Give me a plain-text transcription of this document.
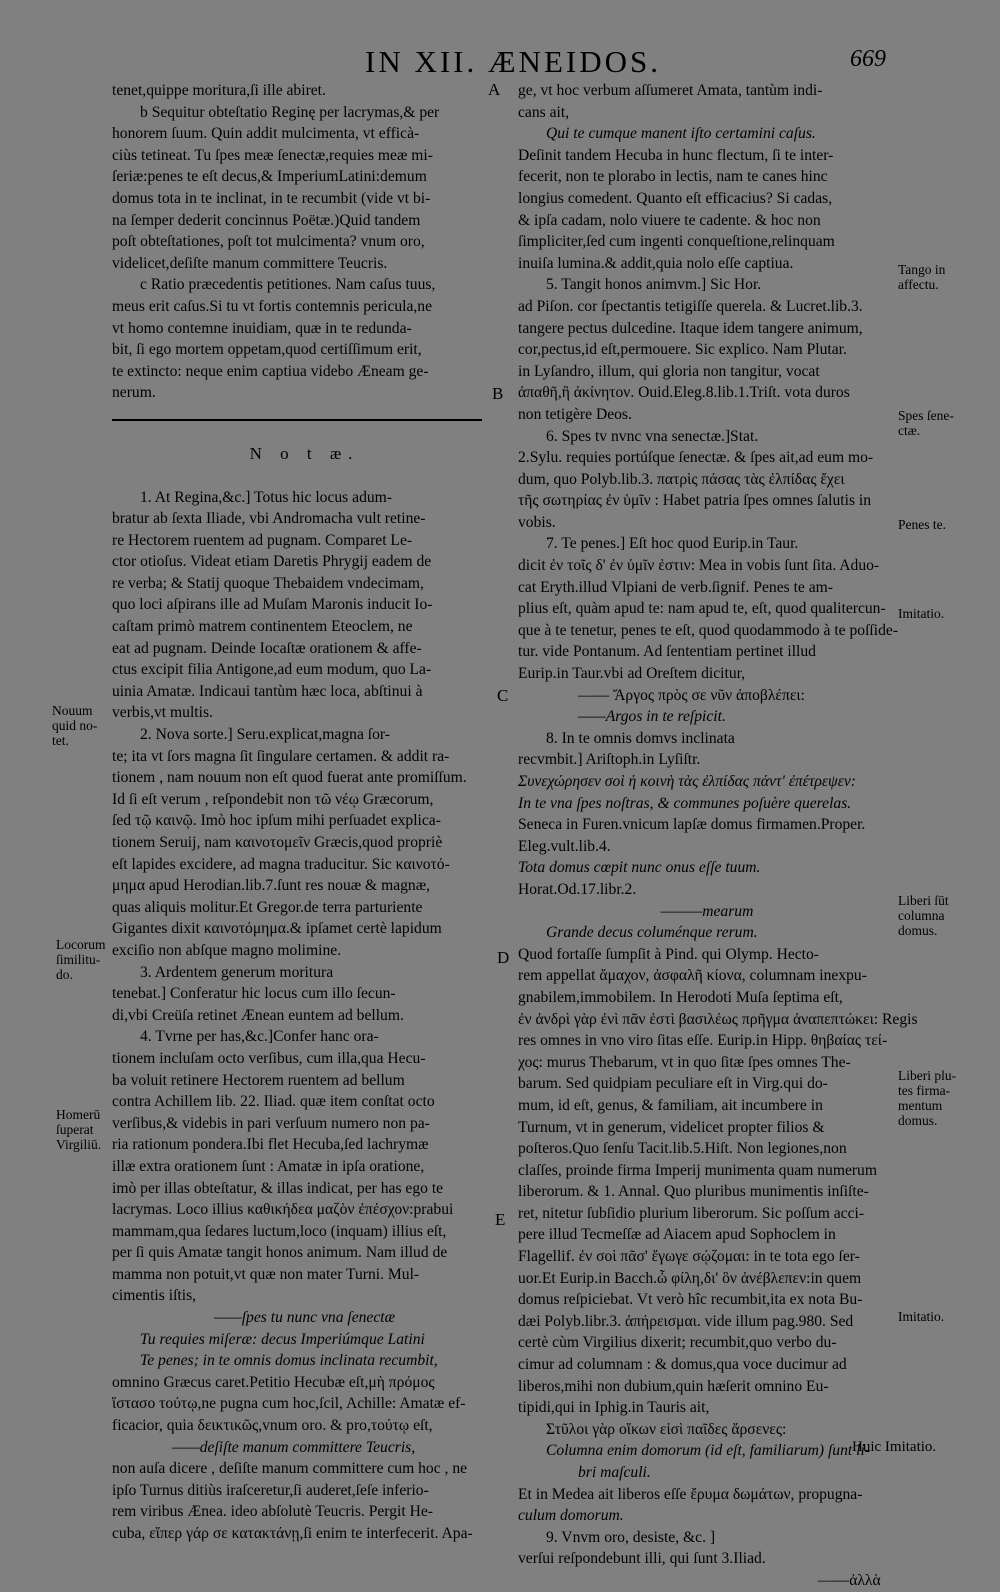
IN XII. ÆNEIDOS.	669

tenet,quippe moritura,ſi ille abiret.

b Sequitur obteſtatio Reginę per lacrymas,& per

honorem ſuum. Quin addit mulcimenta, vt efficà-

ciùs tetineat. Tu ſpes meæ ſenectæ,requies meæ mi-

ſeriæ:penes te eſt decus,& ImperiumLatini:demum

domus tota in te inclinat, in te recumbit (vide vt bi-

na ſemper dederit concinnus Poëtæ.)Quid tandem

poſt obteſtationes, poſt tot mulcimenta? vnum oro,

videlicet,deſiſte manum committere Teucris.

c Ratio præcedentis petitiones. Nam caſus tuus,

meus erit caſus.Si tu vt fortis contemnis pericula,ne

vt homo contemne inuidiam, quæ in te redunda-

bit, ſi ego mortem oppetam,quod certiſſimum erit,

te extincto: neque enim captiua videbo Æneam ge-

nerum.

N o t æ.

1. At Regina,&c.] Totus hic locus adum-

bratur ab ſexta Iliade, vbi Andromacha vult retine-

re Hectorem ruentem ad pugnam. Comparet Le-

ctor otioſus. Videat etiam Daretis Phrygij eadem de

re verba; & Statij quoque Thebaidem vndecimam,

quo loci aſpirans ille ad Muſam Maronis inducit Io-

caſtam primò matrem continentem Eteoclem, ne

eat ad pugnam. Deinde Iocaſtæ orationem & affe-

ctus excipit filia Antigone,ad eum modum, quo La-

uinia Amatæ. Indicaui tantùm hæc loca, abſtinui à

verbis,vt multis.

2. Nova sorte.] Seru.explicat,magna ſor-

te; ita vt ſors magna ſit ſingulare certamen. & addit ra-

tionem , nam nouum non eſt quod fuerat ante promiſſum.

Id ſi eſt verum , reſpondebit non τῶ νέῳ Græcorum,

ſed τῷ καινῷ. Imò hoc ipſum mihi perſuadet explica-

tionem Seruij, nam καινοτομεῖν Græcis,quod propriè

eſt lapides excidere, ad magna traducitur. Sic καινοτό-

μημα apud Herodian.lib.7.ſunt res nouæ & magnæ,

quas aliquis molitur.Et Gregor.de terra parturiente

Gigantes dixit καινοτόμημα.& ipſamet certè lapidum

exciſio non abſque magno molimine.

3. Ardentem generum moritura

tenebat.] Conferatur hic locus cum illo ſecun-

di,vbi Creüſa retinet Ænean euntem ad bellum.

4. Tvrne per has,&c.]Confer hanc ora-

tionem incluſam octo verſibus, cum illa,qua Hecu-

ba voluit retinere Hectorem ruentem ad bellum

contra Achillem lib. 22. Iliad. quæ item conſtat octo

verſibus,& videbis in pari verſuum numero non pa-

ria rationum pondera.Ibi flet Hecuba,ſed lachrymæ

illæ extra orationem ſunt : Amatæ in ipſa oratione,

imò per illas obteſtatur, & illas indicat, per has ego te

lacrymas. Loco illius καθικήδεα μαζὸν ἐπέσχον:prabui

mammam,qua ſedares luctum,loco (inquam) illius eſt,

per ſi quis Amatæ tangit honos animum. Nam illud de

mamma non potuit,vt quæ non mater Turni. Mul-

cimentis iſtis,

——ſpes tu nunc vna ſenectæ

Tu requies miſeræ: decus Imperiúmque Latini

Te penes; in te omnis domus inclinata recumbit,

omnino Græcus caret.Petitio Hecubæ eſt,μὴ πρόμος

ἵστασο τούτῳ,ne pugna cum hoc,ſcil, Achille: Amatæ ef-

ficacior, quia δεικτικῶς,vnum oro. & pro,τούτῳ eſt,

——deſiſte manum committere Teucris,

non auſa dicere , deſiſte manum committere cum hoc , ne

ipſo Turnus ditiùs iraſceretur,ſi auderet,ſeſe inferio-

rem viribus Ænea. ideo abſolutè Teucris. Pergit He-

cuba, εἴπερ γάρ σε κατακτάνῃ,ſi enim te interfecerit. Apa-

ge, vt hoc verbum aſſumeret Amata, tantùm indi-

cans ait,

Qui te cumque manent iſto certamini caſus.

Deſinit tandem Hecuba in hunc flectum, ſi te inter-

fecerit, non te plorabo in lectis, nam te canes hinc

longius comedent. Quanto eſt efficacius? Si cadas,

& ipſa cadam, nolo viuere te cadente. & hoc non

ſimpliciter,ſed cum ingenti conqueſtione,relinquam

inuiſa lumina.& addit,quia nolo eſſe captiua.

5. Tangit honos animvm.] Sic Hor.

ad Piſon. cor ſpectantis tetigiſſe querela. & Lucret.lib.3.

tangere pectus dulcedine. Itaque idem tangere animum,

cor,pectus,id eſt,permouere. Sic explico. Nam Plutar.

in Lyſandro, illum, qui gloria non tangitur, vocat

ἀπαθῆ,ἢ ἀκίνητον. Ouid.Eleg.8.lib.1.Triſt. vota duros

non tetigère Deos.

6. Spes tv nvnc vna senectæ.]Stat.

2.Sylu. requies portúſque ſenectæ. & ſpes ait,ad eum mo-

dum, quo Polyb.lib.3. πατρὶς πάσας τὰς ἐλπίδας ἔχει

τῆς σωτηρίας ἐν ὑμῖν : Habet patria ſpes omnes ſalutis in

vobis.

7. Te penes.] Eſt hoc quod Eurip.in Taur.

dicit ἐν τοῖς δ' ἐν ὑμῖν ἐστιν: Mea in vobis ſunt ſita. Aduo-

cat Eryth.illud Vlpiani de verb.ſignif. Penes te am-

plius eſt, quàm apud te: nam apud te, eſt, quod qualitercun-

que à te tenetur, penes te eſt, quod quodammodo à te poſſide-

tur. vide Pontanum. Ad ſententiam pertinet illud

Eurip.in Taur.vbi ad Oreſtem dicitur,

—— Ἄργος πρὸς σε νῦν ἀποβλέπει:

——Argos in te reſpicit.

8. In te omnis domvs inclinata

recvmbit.] Ariſtoph.in Lyſiſtr.

Συνεχώρησεν σοὶ ἡ κοινὴ τὰς ἐλπίδας πάντ' ἐπέτρεψεν:

In te vna ſpes noſtras, & communes poſuère querelas.

Seneca in Furen.vnicum lapſæ domus firmamen.Proper.

Eleg.vult.lib.4.

Tota domus cœpit nunc onus eſſe tuum.

Horat.Od.17.libr.2.

———mearum

Grande decus columénque rerum.

Quod fortaſſe ſumpſit à Pind. qui Olymp. Hecto-

rem appellat ἄμαχον, ἀσφαλῆ κίονα, columnam inexpu-

gnabilem,immobilem. In Herodoti Muſa ſeptima eſt,

ἐν ἀνδρὶ γὰρ ἐνὶ πᾶν ἐστὶ βασιλέως πρῆγμα ἀναπεπτώκει: Regis

res omnes in vno viro ſitas eſſe. Eurip.in Hipp. θηβαίας τεί-

χος: murus Thebarum, vt in quo ſitæ ſpes omnes The-

barum. Sed quidpiam peculiare eſt in Virg.qui do-

mum, id eſt, genus, & familiam, ait incumbere in

Turnum, vt in generum, videlicet propter filios &

poſteros.Quo ſenſu Tacit.lib.5.Hiſt. Non legiones,non

claſſes, proinde firma Imperij munimenta quam numerum

liberorum. & 1. Annal. Quo pluribus munimentis inſiſte-

ret, nitetur ſubſidio plurium liberorum. Sic poſſum acci-

pere illud Tecmeſſæ ad Aiacem apud Sophoclem in

Flagellif. ἐν σοὶ πᾶσ' ἔγωγε σῴζομαι: in te tota ego ſer-

uor.Et Eurip.in Bacch.ὦ φίλη,δι' ὃν ἀνέβλεπεν:in quem

domus reſpiciebat. Vt verò hîc recumbit,ita ex nota Bu-

dæi Polyb.libr.3. ἀπήρεισμαι. vide illum pag.980. Sed

certè cùm Virgilius dixerit; recumbit,quo verbo du-

cimur ad columnam : & domus,qua voce ducimur ad

liberos,mihi non dubium,quin hæſerit omnino Eu-

tipidi,qui in Iphig.in Tauris ait,

Στῦλοι γὰρ οἴκων εἰσὶ παῖδες ἄρσενες:

Columna enim domorum (id eſt, familiarum) ſunt li-

bri maſculi.

Et in Medea ait liberos eſſe ἔρυμα δωμάτων, propugna-

culum domorum.

9. Vnvm oro, desiste, &c. ]

verſui reſpondebunt illi, qui ſunt 3.Iliad.

——ἀλλὰ

A
B
C
D
E
Nouum quid no- tet.
Locorum ſimilitu- do.
Homerū ſuperat Virgiliū.
Tango in affectu.
Spes ſene- ctæ.
Penes te.
Imitatio.
Liberi ſūt columna domus.
Liberi plu- tes firma- mentum domus.
Imitatio.
Huic Imitatio.
